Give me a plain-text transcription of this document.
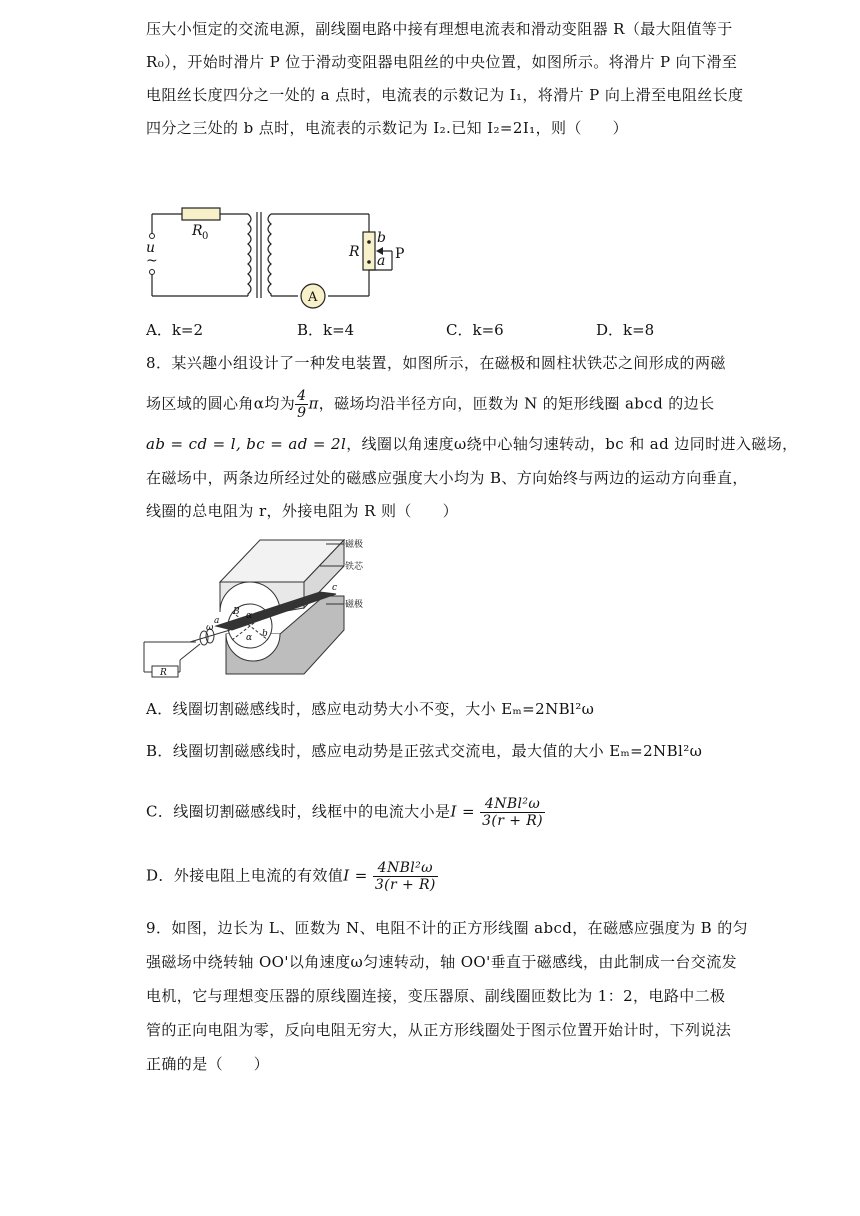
压大小恒定的交流电源，副线圈电路中接有理想电流表和滑动变阻器 R（最大阻值等于
R₀），开始时滑片 P 位于滑动变阻器电阻丝的中央位置，如图所示。将滑片 P 向下滑至
电阻丝长度四分之一处的 a 点时，电流表的示数记为 I₁，将滑片 P 向上滑至电阻丝长度
四分之三处的 b 点时，电流表的示数记为 I₂.已知 I₂=2I₁，则（　　）
u
~
R 0
R
b
a P
A
A．k=2	B．k=4	C．k=6	D．k=8
8．某兴趣小组设计了一种发电装置，如图所示，在磁极和圆柱状铁芯之间形成的两磁
场区域的圆心角α均为 $\frac{4}{9}$ π，磁场均沿半径方向，匝数为 N 的矩形线圈 abcd 的边长
ab = cd = l, bc = ad = 2l，线圈以角速度ω绕中心轴匀速转动，bc 和 ad 边同时进入磁场，
在磁场中，两条边所经过处的磁感应强度大小均为 B、方向始终与两边的运动方向垂直，
线圈的总电阻为 r，外接电阻为 R 则（　　）
磁极
铁芯
磁极
c
B
a
b
ω
α
α
R
A．线圈切割磁感线时，感应电动势大小不变，大小 Eₘ=2NBl²ω
B．线圈切割磁感线时，感应电动势是正弦式交流电，最大值的大小 Eₘ=2NBl²ω
C．线圈切割磁感线时，线框中的电流大小是$I = \frac{\text{4NBl²ω}}{3(r + R)}$
D．外接电阻上电流的有效值$I = \frac{\text{4NBl²ω}}{3(r + R)}$
9．如图，边长为 L、匝数为 N、电阻不计的正方形线圈 abcd，在磁感应强度为 B 的匀
强磁场中绕转轴 OO'以角速度ω匀速转动，轴 OO'垂直于磁感线，由此制成一台交流发
电机，它与理想变压器的原线圈连接，变压器原、副线圈匝数比为 1：2，电路中二极
管的正向电阻为零，反向电阻无穷大，从正方形线圈处于图示位置开始计时，下列说法
正确的是（　　）
